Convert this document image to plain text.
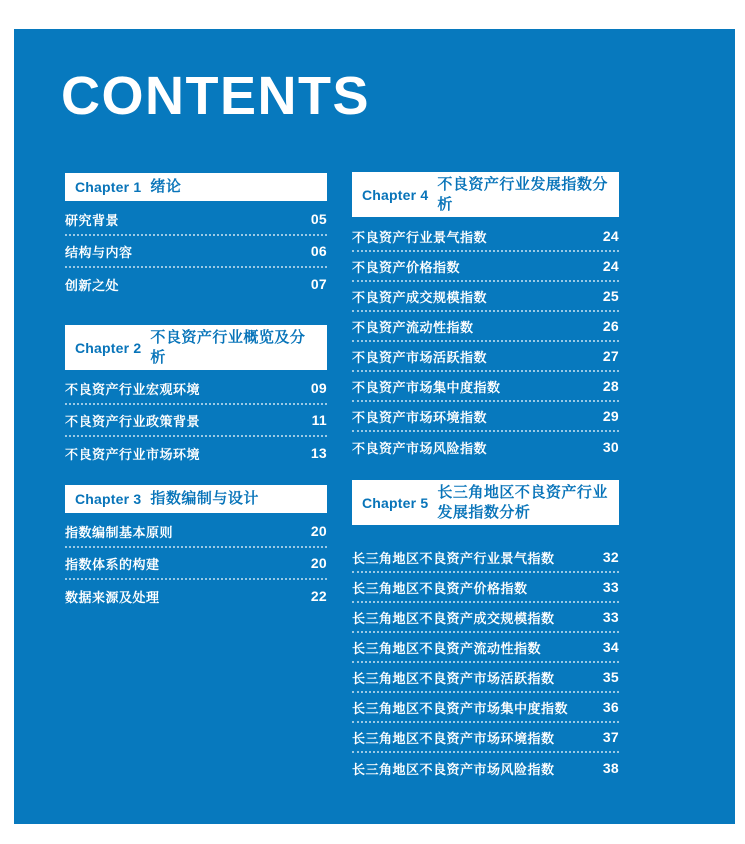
CONTENTS
Chapter 1 绪论
研究背景	05
结构与内容	06
创新之处	07
Chapter 2
不良资产行业概览及分析
不良资产行业宏观环境	09
不良资产行业政策背景	11
不良资产行业市场环境	13
Chapter 3 指数编制与设计
指数编制基本原则	20
指数体系的构建	20
数据来源及处理	22
Chapter 4
不良资产行业发展指数分析
不良资产行业景气指数	24
不良资产价格指数	24
不良资产成交规模指数	25
不良资产流动性指数	26
不良资产市场活跃指数	27
不良资产市场集中度指数	28
不良资产市场环境指数	29
不良资产市场风险指数	30
Chapter 5
长三角地区不良资产行业发展指数分析
长三角地区不良资产行业景气指数	32
长三角地区不良资产价格指数	33
长三角地区不良资产成交规模指数	33
长三角地区不良资产流动性指数	34
长三角地区不良资产市场活跃指数	35
长三角地区不良资产市场集中度指数 36
长三角地区不良资产市场环境指数	37
长三角地区不良资产市场风险指数	38
